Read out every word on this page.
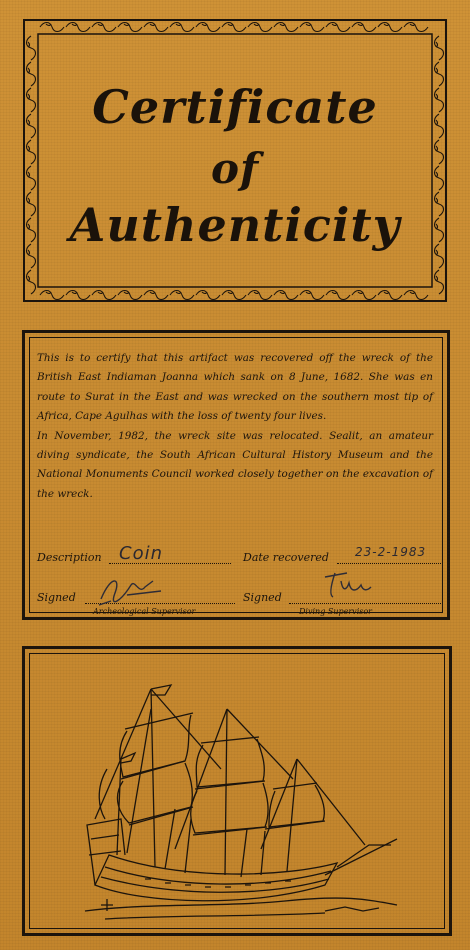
Certificate
of
Authenticity

This is to certify that this artifact was recovered off the wreck of the British East Indiaman Joanna which sank on 8 June, 1682. She was en route to Surat in the East and was wrecked on the southern most tip of Africa, Cape Agulhas with the loss of twenty four lives.

In November, 1982, the wreck site was relocated. Sealit, an amateur diving syndicate, the South African Cultural History Museum and the National Monuments Council worked closely together on the excavation of the wreck.

Description Coin	Date recovered 23-2-1983
Signed
Archeological Supervisor
Signed
Diving Supervisor
